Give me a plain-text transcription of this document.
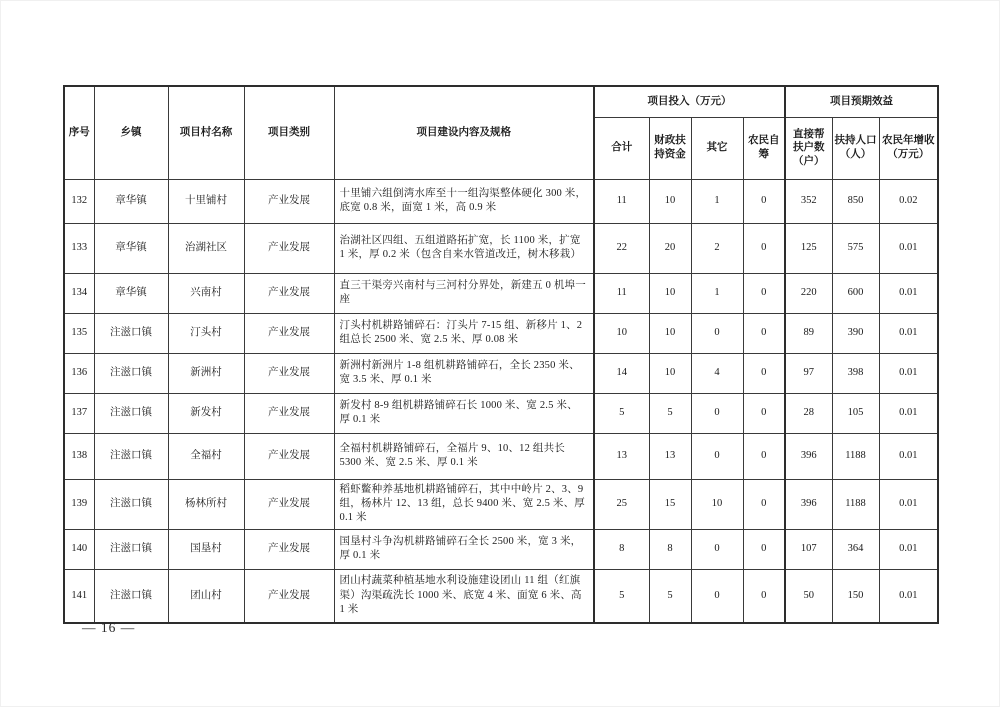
序号	乡镇	项目村名称	项目类别	项目建设内容及规格	项目投入（万元）				项目预期效益		
					合计	财政扶持资金	其它	农民自筹	直接帮扶户数（户）	扶持人口（人）	农民年增收（万元）
132	章华镇	十里铺村	产业发展	十里铺六组倒湾水库至十一组沟渠整体硬化 300 米，底宽 0.8 米，面宽 1 米，高 0.9 米	11	10	1	0	352	850	0.02
133	章华镇	治湖社区	产业发展	治湖社区四组、五组道路拓扩宽，长 1100 米，扩宽 1 米，厚 0.2 米（包含自来水管道改迁，树木移栽）	22	20	2	0	125	575	0.01
134	章华镇	兴南村	产业发展	直三干渠旁兴南村与三河村分界处，新建五 0 机埠一座	11	10	1	0	220	600	0.01
135	注滋口镇	汀头村	产业发展	汀头村机耕路铺碎石：汀头片 7-15 组、新移片 1、2 组总长 2500 米、宽 2.5 米、厚 0.08 米	10	10	0	0	89	390	0.01
136	注滋口镇	新洲村	产业发展	新洲村新洲片 1-8 组机耕路铺碎石，全长 2350 米、宽 3.5 米、厚 0.1 米	14	10	4	0	97	398	0.01
137	注滋口镇	新发村	产业发展	新发村 8-9 组机耕路铺碎石长 1000 米、宽 2.5 米、厚 0.1 米	5	5	0	0	28	105	0.01
138	注滋口镇	全福村	产业发展	全福村机耕路铺碎石，全福片 9、10、12 组共长 5300 米、宽 2.5 米、厚 0.1 米	13	13	0	0	396	1188	0.01
139	注滋口镇	杨林所村	产业发展	稻虾鳖种养基地机耕路铺碎石，其中中岭片 2、3、9 组，杨林片 12、13 组，总长 9400 米、宽 2.5 米、厚 0.1 米	25	15	10	0	396	1188	0.01
140	注滋口镇	国垦村	产业发展	国垦村斗争沟机耕路铺碎石全长 2500 米，宽 3 米，厚 0.1 米	8	8	0	0	107	364	0.01
141	注滋口镇	团山村	产业发展	团山村蔬菜种植基地水利设施建设团山 11 组（红旗渠）沟渠疏洗长 1000 米、底宽 4 米、面宽 6 米、高 1 米	5	5	0	0	50	150	0.01
— 16 —
